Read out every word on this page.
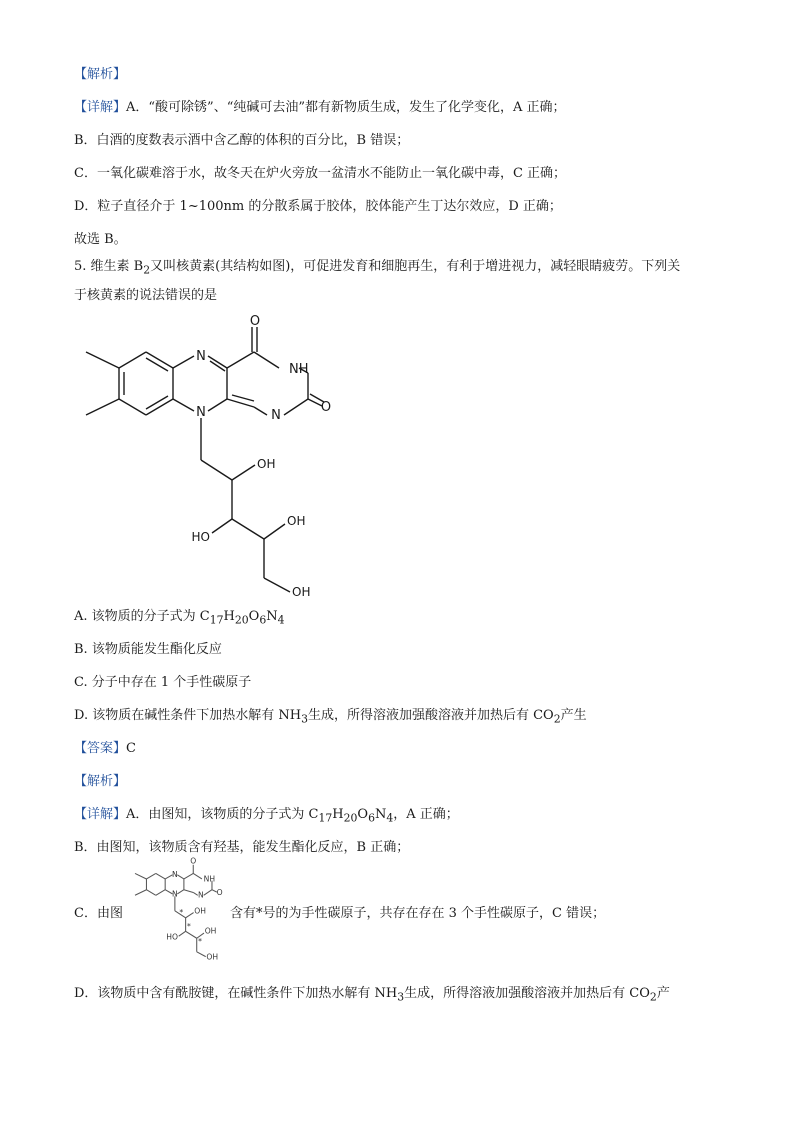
【解析】
【详解】A．“酸可除锈”、“纯碱可去油”都有新物质生成，发生了化学变化，A 正确；
B．白酒的度数表示酒中含乙醇的体积的百分比，B 错误；
C．一氧化碳难溶于水，故冬天在炉火旁放一盆清水不能防止一氧化碳中毒，C 正确；
D．粒子直径介于 1~100nm 的分散系属于胶体，胶体能产生丁达尔效应，D 正确；
故选 B。
5. 维生素 $B_2$又叫核黄素(其结构如图)，可促进发育和细胞再生，有利于增进视力，减轻眼睛疲劳。下列关
于核黄素的说法错误的是
N
N	N
NH
O
O
OH
OH
HO
OH
A. 该物质的分子式为 $C_{17}H_{20}O_6N_4$
B. 该物质能发生酯化反应
C. 分子中存在 1 个手性碳原子
D. 该物质在碱性条件下加热水解有 $NH_3$生成，所得溶液加强酸溶液并加热后有 $CO_2$产生
【答案】C
【解析】
【详解】A．由图知，该物质的分子式为 $C_{17}H_{20}O_6N_4$，A 正确；
B．由图知，该物质含有羟基，能发生酯化反应，B 正确；
C．由图
N
N N
NH
O
O
OH
OH
HO
OH
*
*
*
含有*号的为手性碳原子，共存在存在 3 个手性碳原子，C 错误；
D．该物质中含有酰胺键，在碱性条件下加热水解有 $NH_3$生成，所得溶液加强酸溶液并加热后有 $CO_2$产
